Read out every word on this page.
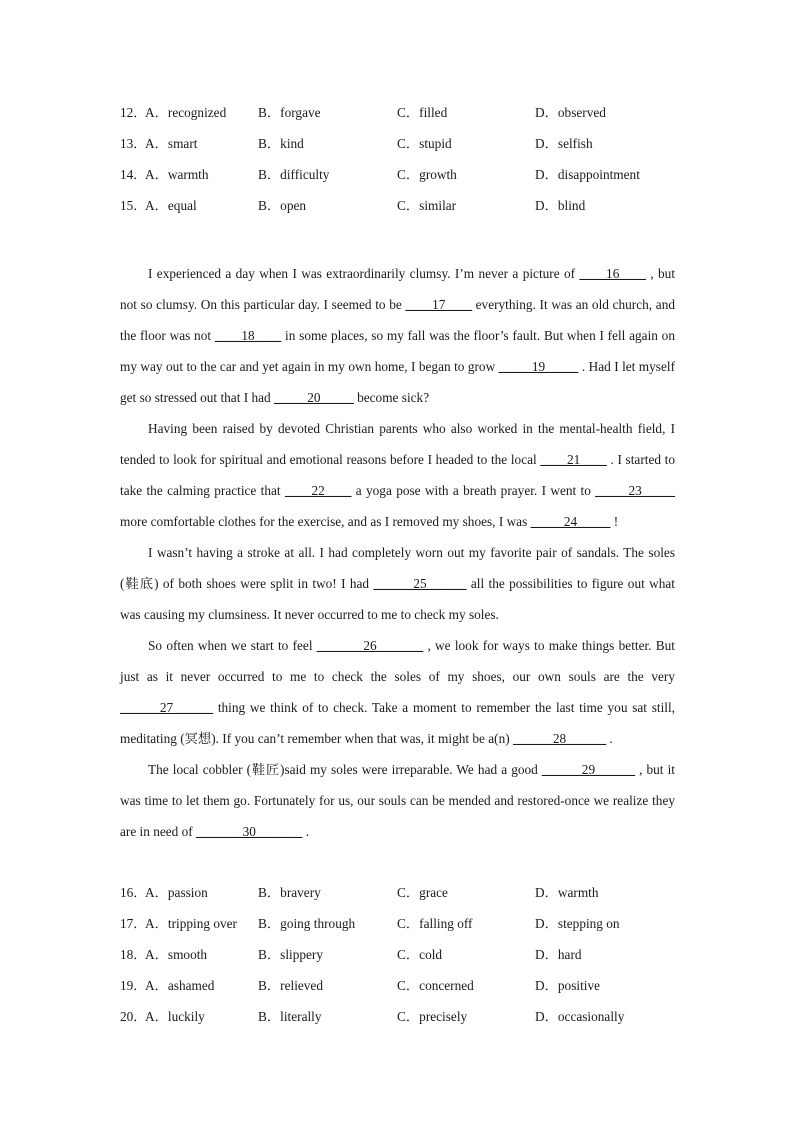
12．
A．recognized B．forgave	C．filled	D．observed
13．
A．smart	B．kind	C．stupid	D．selfish
14．
A．warmth	B．difficulty	C．growth	D．disappointment
15．
A．equal	B．open	C．similar	D．blind

I experienced a day when I was extraordinarily clumsy. I’m never a picture of ____16____ , but not so clumsy. On this particular day. I seemed to be ____17____ everything. It was an old church, and the floor was not ____18____ in some places, so my fall was the floor’s fault. But when I fell again on my way out to the car and yet again in my own home, I began to grow _____19_____ . Had I let myself get so stressed out that I had _____20_____ become sick?

Having been raised by devoted Christian parents who also worked in the mental-health field, I tended to look for spiritual and emotional reasons before I headed to the local ____21____ . I started to take the calming practice that ____22____ a yoga pose with a breath prayer. I went to _____23_____ more comfortable clothes for the exercise, and as I removed my shoes, I was _____24_____ !

I wasn’t having a stroke at all. I had completely worn out my favorite pair of sandals. The soles (鞋底) of both shoes were split in two! I had ______25______ all the possibilities to figure out what was causing my clumsiness. It never occurred to me to check my soles.

So often when we start to feel _______26_______ , we look for ways to make things better. But just as it never occurred to me to check the soles of my shoes, our own souls are the very ______27______ thing we think of to check. Take a moment to remember the last time you sat still, meditating (冥想). If you can’t remember when that was, it might be a(n) ______28______ .

The local cobbler (鞋匠)said my soles were irreparable. We had a good ______29______ , but it was time to let them go. Fortunately for us, our souls can be mended and restored-once we realize they are in need of _______30_______ .

16．
A．passion	B．bravery	C．grace	D．warmth
17．
A．tripping over B．going through	C．falling off	D．stepping on
18．
A．smooth	B．slippery	C．cold	D．hard
19．
A．ashamed	B．relieved	C．concerned	D．positive
20．
A．luckily	B．literally	C．precisely	D．occasionally
